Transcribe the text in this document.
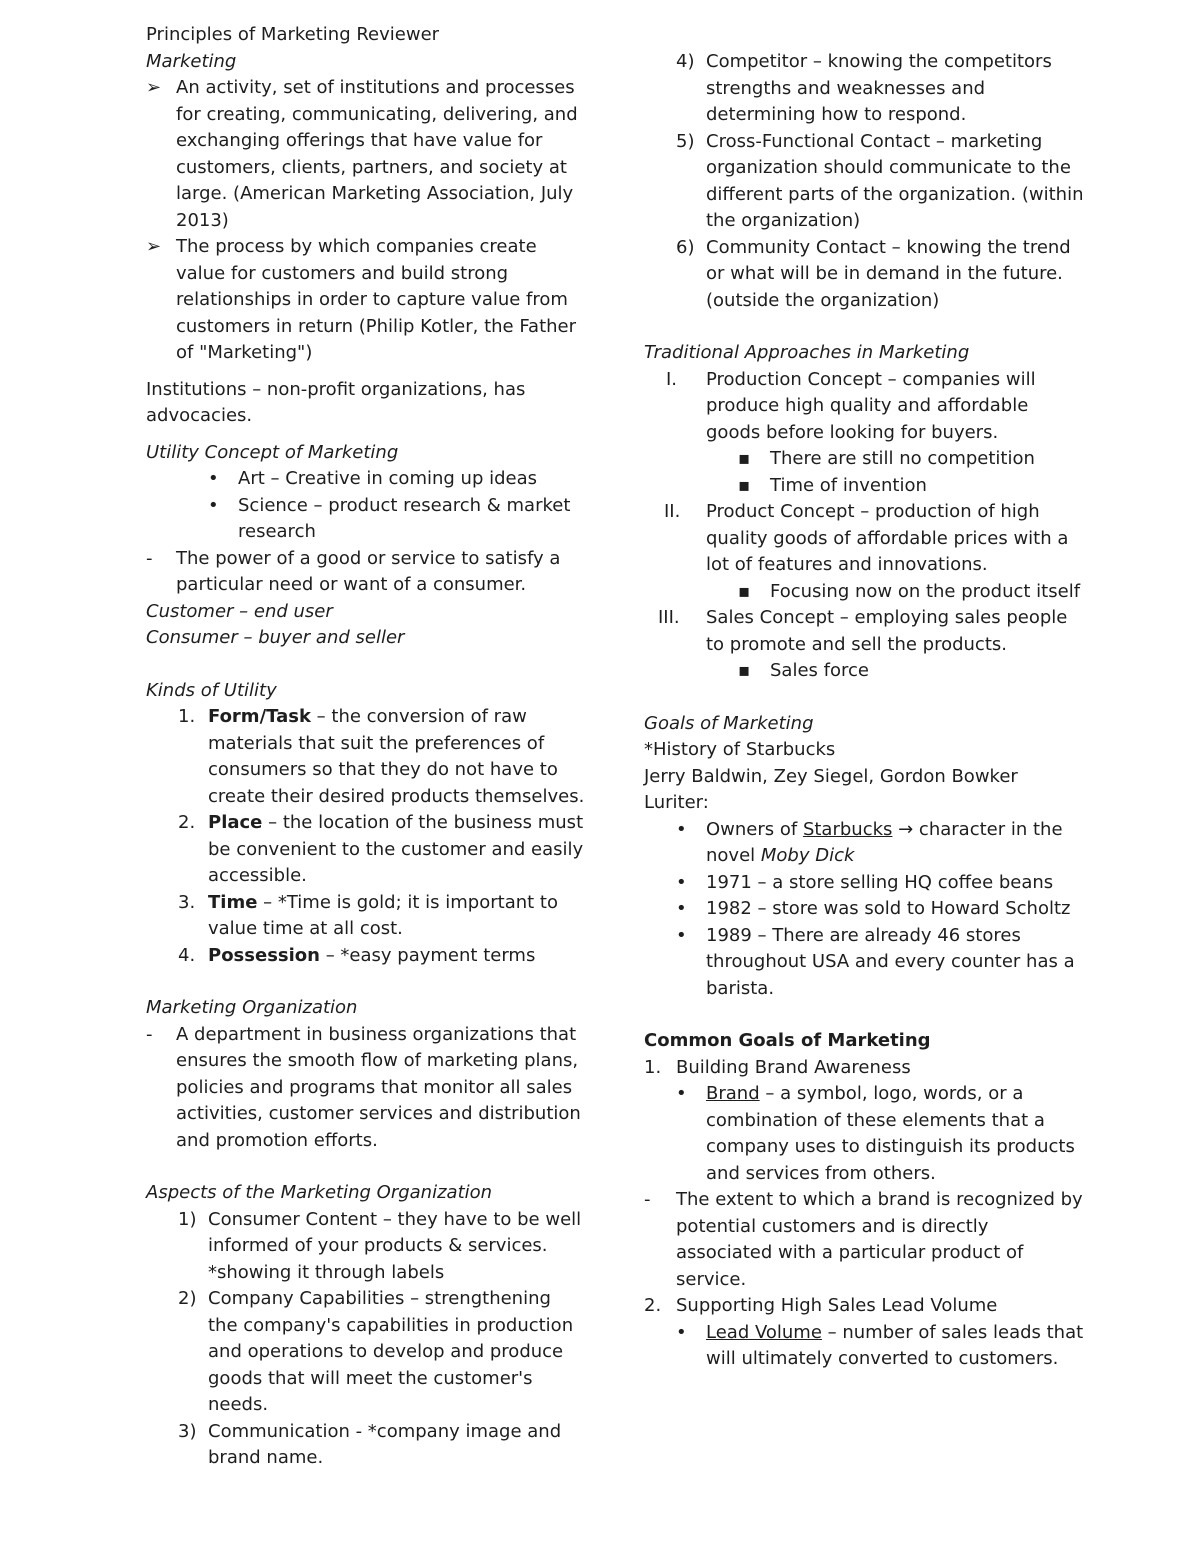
Principles of Marketing Reviewer

Marketing

➢ An activity, set of institutions and processes for creating, communicating, delivering, and exchanging offerings that have value for customers, clients, partners, and society at large. (American Marketing Association, July 2013)

➢ The process by which companies create value for customers and build strong relationships in order to capture value from customers in return (Philip Kotler, the Father of "Marketing")

Institutions – non-profit organizations, has advocacies.

Utility Concept of Marketing

• Art – Creative in coming up ideas

• Science – product research & market research

- The power of a good or service to satisfy a particular need or want of a consumer.

Customer – end user

Consumer – buyer and seller

Kinds of Utility

1. Form/Task – the conversion of raw materials that suit the preferences of consumers so that they do not have to create their desired products themselves.

2. Place – the location of the business must be convenient to the customer and easily accessible.

3. Time – *Time is gold; it is important to value time at all cost.

4. Possession – *easy payment terms

Marketing Organization

- A department in business organizations that ensures the smooth flow of marketing plans, policies and programs that monitor all sales activities, customer services and distribution and promotion efforts.

Aspects of the Marketing Organization

1) Consumer Content – they have to be well informed of your products & services. *showing it through labels

2) Company Capabilities – strengthening the company's capabilities in production and operations to develop and produce goods that will meet the customer's needs.

3) Communication - *company image and brand name.

4) Competitor – knowing the competitors strengths and weaknesses and determining how to respond.

5) Cross-Functional Contact – marketing organization should communicate to the different parts of the organization. (within the organization)

6) Community Contact – knowing the trend or what will be in demand in the future. (outside the organization)

Traditional Approaches in Marketing

I. Production Concept – companies will produce high quality and affordable goods before looking for buyers.

▪ There are still no competition

▪ Time of invention

II. Product Concept – production of high quality goods of affordable prices with a lot of features and innovations.

▪ Focusing now on the product itself

III. Sales Concept – employing sales people to promote and sell the products.

▪ Sales force

Goals of Marketing

*History of Starbucks

Jerry Baldwin, Zey Siegel, Gordon Bowker

Luriter:

• Owners of Starbucks → character in the novel Moby Dick

• 1971 – a store selling HQ coffee beans

• 1982 – store was sold to Howard Scholtz

• 1989 – There are already 46 stores throughout USA and every counter has a barista.

Common Goals of Marketing

1. Building Brand Awareness

• Brand – a symbol, logo, words, or a combination of these elements that a company uses to distinguish its products and services from others.

- The extent to which a brand is recognized by potential customers and is directly associated with a particular product of service.

2. Supporting High Sales Lead Volume

• Lead Volume – number of sales leads that will ultimately converted to customers.
